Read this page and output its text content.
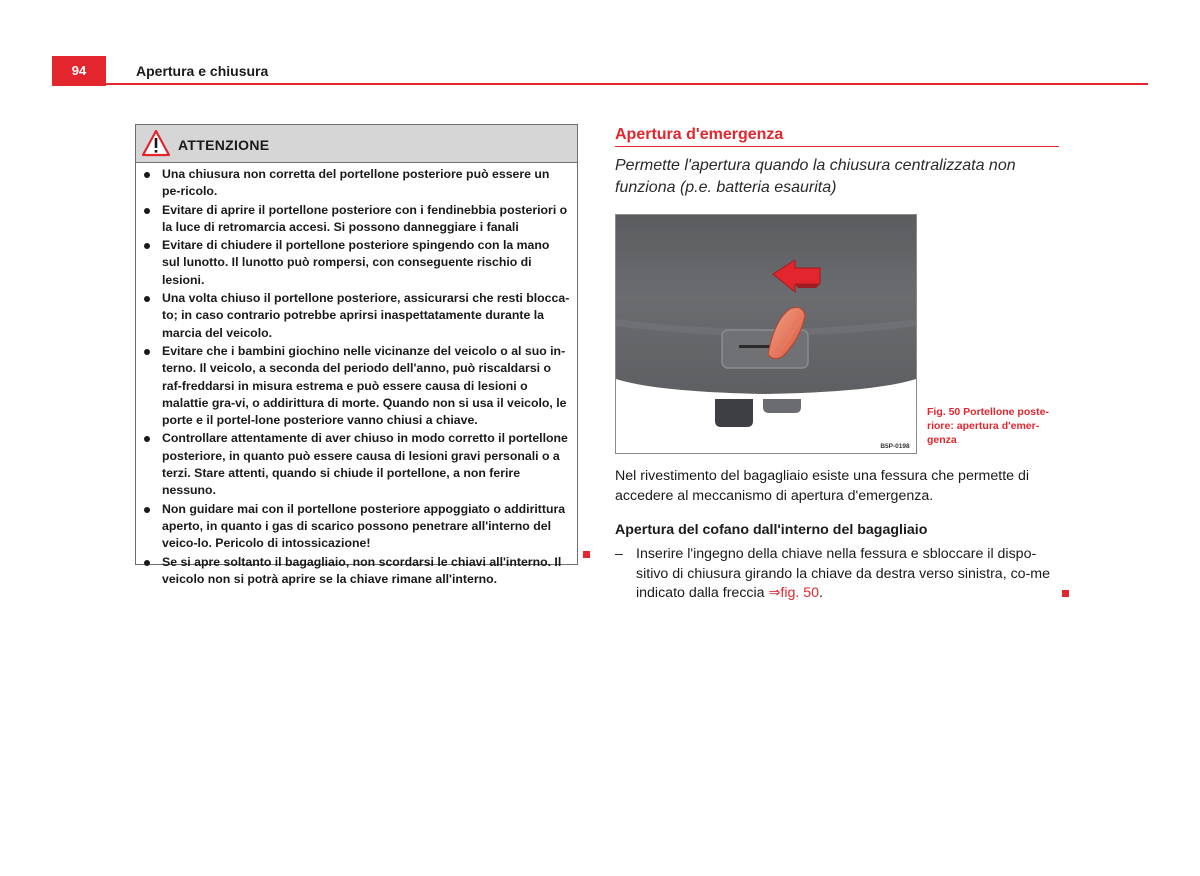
94	Apertura e chiusura
ATTENZIONE
Una chiusura non corretta del portellone posteriore può essere un pe-ricolo.
Evitare di aprire il portellone posteriore con i fendinebbia posteriori o la luce di retromarcia accesi. Si possono danneggiare i fanali
Evitare di chiudere il portellone posteriore spingendo con la mano sul lunotto. Il lunotto può rompersi, con conseguente rischio di lesioni.
Una volta chiuso il portellone posteriore, assicurarsi che resti blocca-to; in caso contrario potrebbe aprirsi inaspettatamente durante la marcia del veicolo.
Evitare che i bambini giochino nelle vicinanze del veicolo o al suo in-terno. Il veicolo, a seconda del periodo dell'anno, può riscaldarsi o raf-freddarsi in misura estrema e può essere causa di lesioni o malattie gra-vi, o addirittura di morte. Quando non si usa il veicolo, le porte e il portel-lone posteriore vanno chiusi a chiave.
Controllare attentamente di aver chiuso in modo corretto il portellone posteriore, in quanto può essere causa di lesioni gravi personali o a terzi. Stare attenti, quando si chiude il portellone, a non ferire nessuno.
Non guidare mai con il portellone posteriore appoggiato o addirittura aperto, in quanto i gas di scarico possono penetrare all'interno del veico-lo. Pericolo di intossicazione!
Se si apre soltanto il bagagliaio, non scordarsi le chiavi all'interno. Il veicolo non si potrà aprire se la chiave rimane all'interno.
Apertura d'emergenza
Permette l'apertura quando la chiusura centralizzata non funziona (p.e. batteria esaurita)
B5P-0198
Fig. 50 Portellone poste-riore: apertura d'emer-genza
Nel rivestimento del bagagliaio esiste una fessura che permette di accedere al meccanismo di apertura d'emergenza.
Apertura del cofano dall'interno del bagagliaio
– Inserire l'ingegno della chiave nella fessura e sbloccare il dispo-sitivo di chiusura girando la chiave da destra verso sinistra, co-me indicato dalla freccia ⇒fig. 50.
